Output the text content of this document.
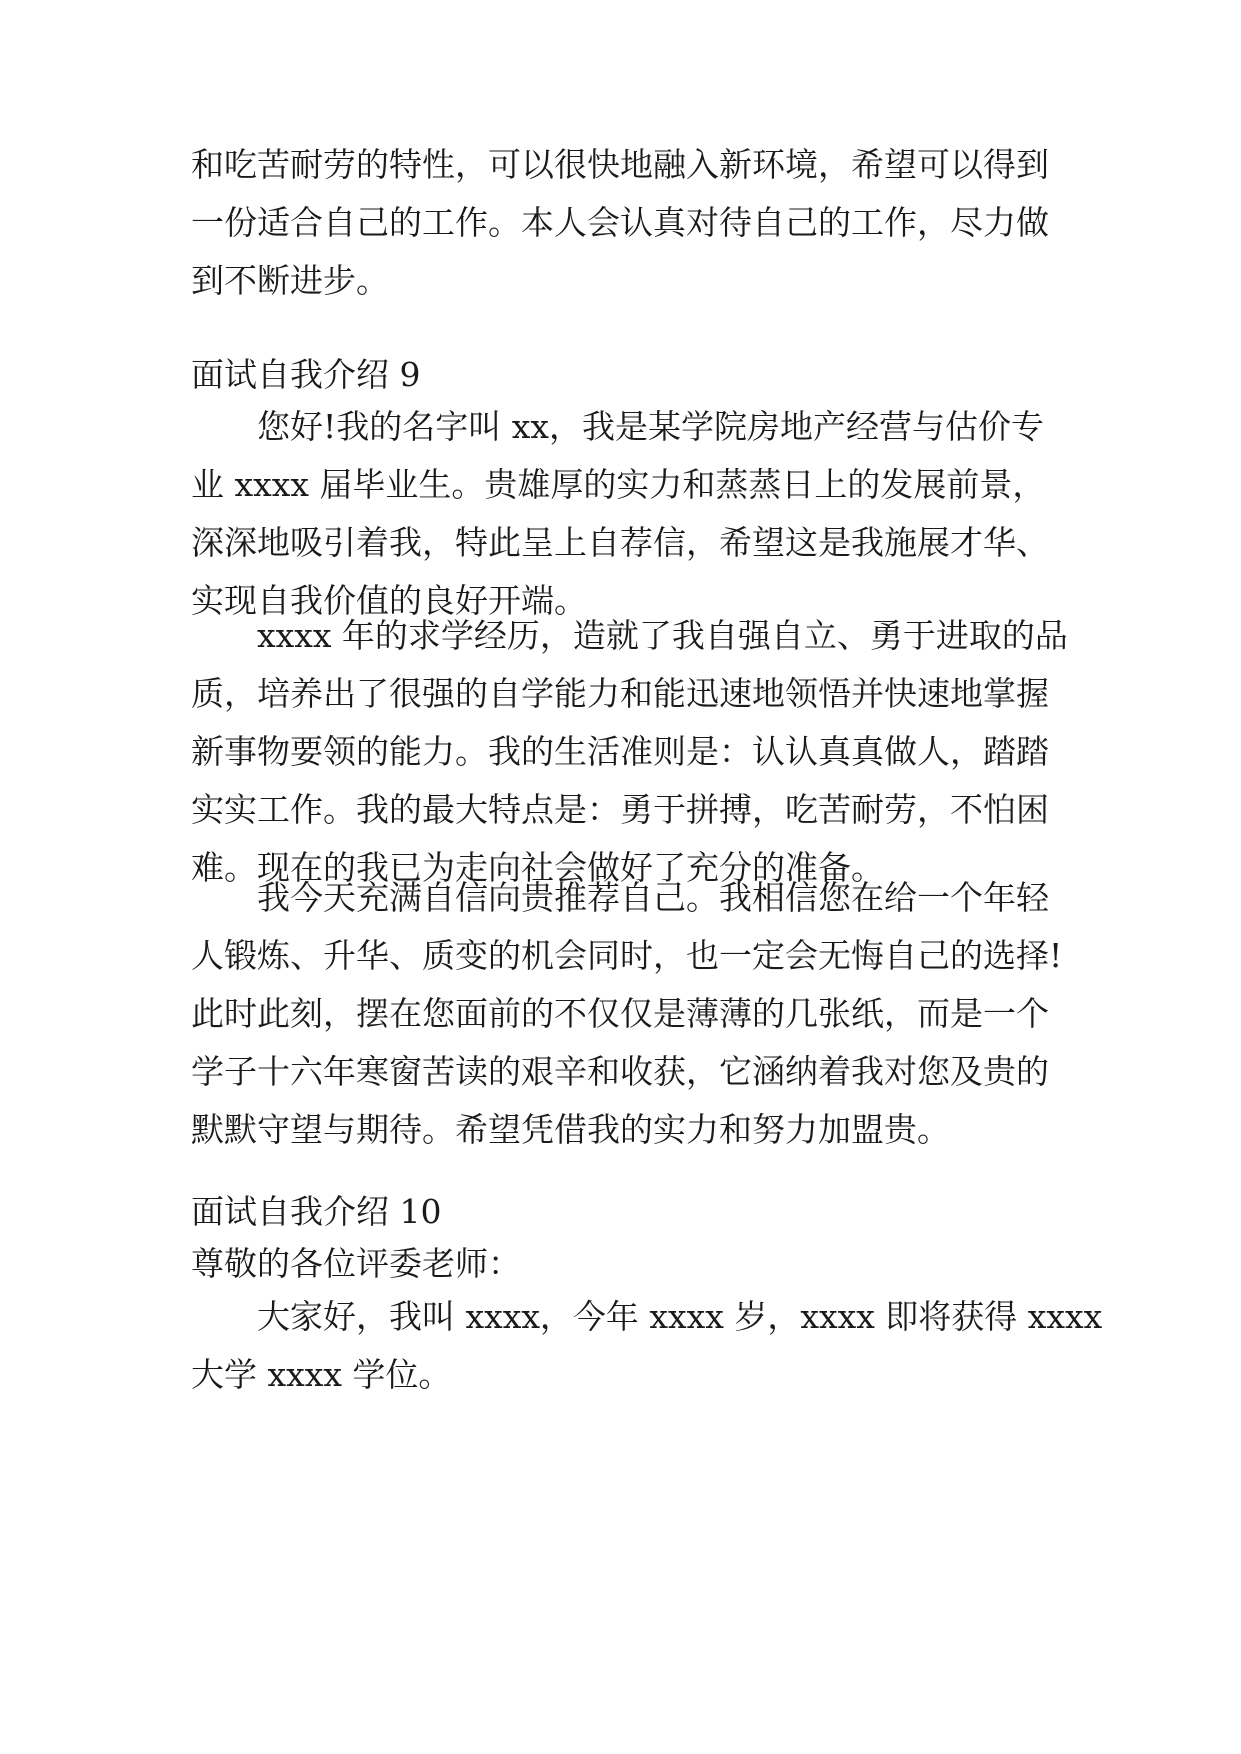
和吃苦耐劳的特性，可以很快地融入新环境，希望可以得到
一份适合自己的工作。本人会认真对待自己的工作，尽力做
到不断进步。
面试自我介绍 9
您好!我的名字叫 xx，我是某学院房地产经营与估价专
业 xxxx 届毕业生。贵雄厚的实力和蒸蒸日上的发展前景，
深深地吸引着我，特此呈上自荐信，希望这是我施展才华、
实现自我价值的良好开端。
xxxx 年的求学经历，造就了我自强自立、勇于进取的品
质，培养出了很强的自学能力和能迅速地领悟并快速地掌握
新事物要领的能力。我的生活准则是：认认真真做人，踏踏
实实工作。我的最大特点是：勇于拼搏，吃苦耐劳，不怕困
难。现在的我已为走向社会做好了充分的准备。
我今天充满自信向贵推荐自己。我相信您在给一个年轻
人锻炼、升华、质变的机会同时，也一定会无悔自己的选择!
此时此刻，摆在您面前的不仅仅是薄薄的几张纸，而是一个
学子十六年寒窗苦读的艰辛和收获，它涵纳着我对您及贵的
默默守望与期待。希望凭借我的实力和努力加盟贵。
面试自我介绍 10
尊敬的各位评委老师：
大家好，我叫 xxxx，今年 xxxx 岁，xxxx 即将获得 xxxx
大学 xxxx 学位。
